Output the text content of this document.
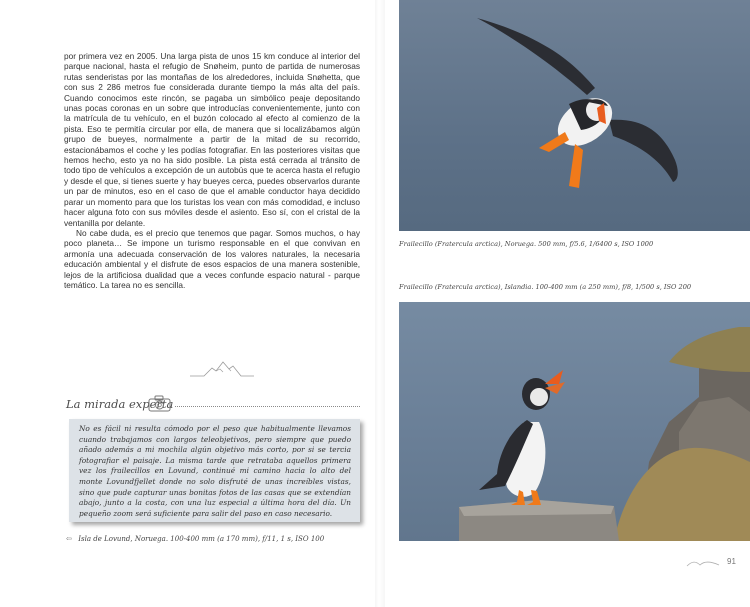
por primera vez en 2005. Una larga pista de unos 15 km conduce al interior del parque nacional, hasta el refugio de Snøheim, punto de partida de numerosas rutas senderistas por las montañas de los alrededores, incluida Snøhetta, que con sus 2 286 metros fue considerada durante tiempo la más alta del país. Cuando conocimos este rincón, se pagaba un simbólico peaje depositando unas pocas coronas en un sobre que introducías convenientemente, junto con la matrícula de tu vehículo, en el buzón colocado al efecto al comienzo de la pista. Eso te permitía circular por ella, de manera que si localizábamos algún grupo de bueyes, normalmente a partir de la mitad de su recorrido, estacionábamos el coche y les podías fotografiar. En las posteriores visitas que hemos hecho, esto ya no ha sido posible. La pista está cerrada al tránsito de todo tipo de vehículos a excepción de un autobús que te acerca hasta el refugio y desde el que, si tienes suerte y hay bueyes cerca, puedes observarlos durante un par de minutos, eso en el caso de que el amable conductor haya decidido parar un momento para que los turistas los vean con más comodidad, e incluso hacer alguna foto con sus móviles desde el asiento. Eso sí, con el cristal de la ventanilla por delante.

No cabe duda, es el precio que tenemos que pagar. Somos muchos, o hay poco planeta… Se impone un turismo responsable en el que convivan en armonía una adecuada conservación de los valores naturales, la necesaria educación ambiental y el disfrute de esos espacios de una manera sostenible, lejos de la artificiosa dualidad que a veces confunde espacio natural - parque temático. La tarea no es sencilla.

La mirada experta
No es fácil ni resulta cómodo por el peso que habitualmente llevamos cuando trabajamos con largos teleobjetivos, pero siempre que puedo añado además a mi mochila algún objetivo más corto, por si se tercia fotografiar el paisaje. La misma tarde que retrataba aquellos primera vez los frailecillos en Lovund, continué mi camino hacia lo alto del monte Lovundfjellet donde no solo disfruté de unas increíbles vistas, sino que pude capturar unas bonitas fotos de las casas que se extendían abajo, junto a la costa, con una luz especial a última hora del día. Un pequeño zoom será suficiente para salir del paso en caso necesario.
⇦ Isla de Lovund, Noruega. 100-400 mm (a 170 mm), f/11, 1 s, ISO 100
Frailecillo (Fratercula arctica), Noruega. 500 mm, f/5.6, 1/6400 s, ISO 1000
Frailecillo (Fratercula arctica), Islandia. 100-400 mm (a 250 mm), f/8, 1/500 s, ISO 200
91
